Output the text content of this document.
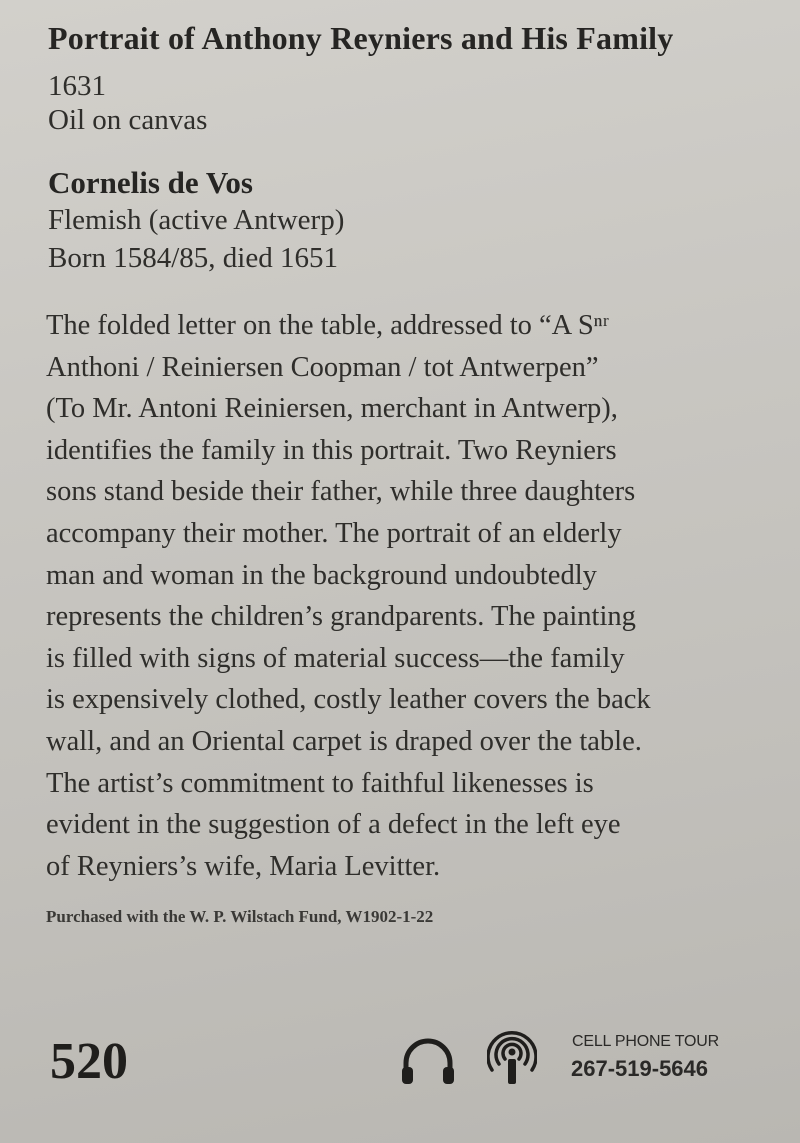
Portrait of Anthony Reyniers and His Family
1631
Oil on canvas
Cornelis de Vos
Flemish (active Antwerp)
Born 1584/85, died 1651
The folded letter on the table, addressed to “A Sⁿʳ
Anthoni / Reiniersen Coopman / tot Antwerpen”
(To Mr. Antoni Reiniersen, merchant in Antwerp),
identifies the family in this portrait. Two Reyniers
sons stand beside their father, while three daughters
accompany their mother. The portrait of an elderly
man and woman in the background undoubtedly
represents the children’s grandparents. The painting
is filled with signs of material success—the family
is expensively clothed, costly leather covers the back
wall, and an Oriental carpet is draped over the table.
The artist’s commitment to faithful likenesses is
evident in the suggestion of a defect in the left eye
of Reyniers’s wife, Maria Levitter.
Purchased with the W. P. Wilstach Fund, W1902-1-22
520	CELL PHONE TOUR
267-519-5646
